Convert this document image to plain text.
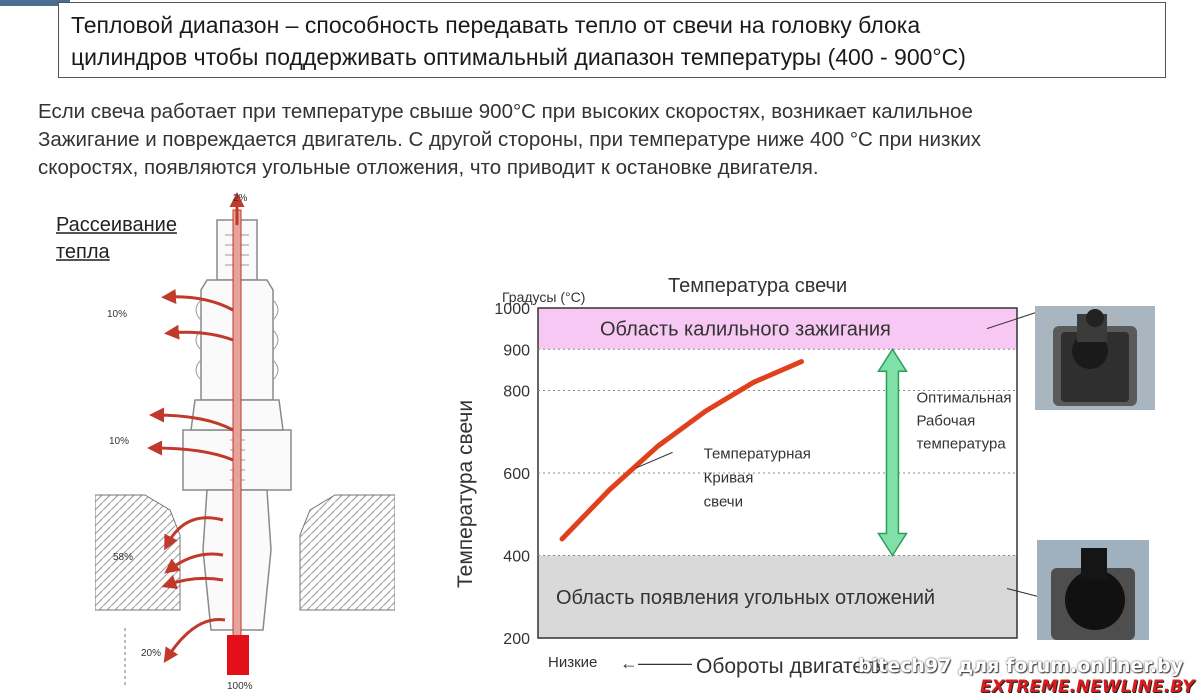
Тепловой диапазон – способность передавать тепло от свечи на головку блока
цилиндров чтобы поддерживать оптимальный диапазон температуры (400 - 900°C)
Если свеча работает при температуре свыше 900°C при высоких скоростях, возникает калильное
Зажигание и повреждается двигатель. С другой стороны, при температуре ниже 400 °C при низких
скоростях, появляются угольные отложения, что приводит к остановке двигателя.
Рассеивание
тепла
2%
10%
10%
58%
20%
100%
Температура свечи
Градусы (°C)
Температура свечи
Область калильного зажигания
Область появления угольных отложений
200
400
600
800
900
1000
Температурная
Кривая
свечи
Оптимальная
Рабочая
температура
Низкие ←——— Обороты двигателя
bitech97 для forum.onliner.by
EXTREME.NEWLINE.BY
